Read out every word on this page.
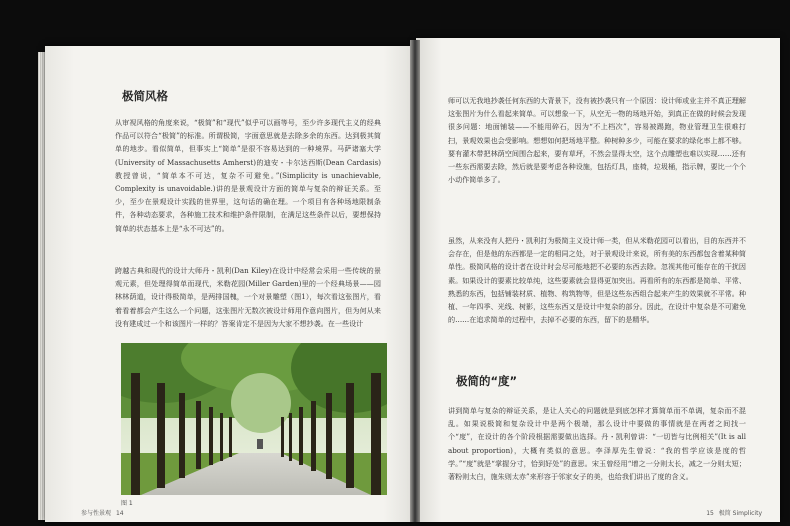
极简风格

从审视风格的角度来说，“极简”和“现代”似乎可以画等号，至少许多现代主义的经典作品可以符合“极简”的标准。所谓极简，字面意思就是去除多余的东西。达到极其简单的地步。看似简单，但事实上“简单”是很不容易达到的一种境界。马萨诸塞大学(University of Massachusetts Amherst)的迪安・卡尔达西斯(Dean Cardasis)教授曾说，“简单本不可达，复杂不可避免。”(Simplicity is unachievable, Complexity is unavoidable.)讲的是景观设计方面的简单与复杂的辩证关系。至少，至少在景观设计实践的世界里，这句话的确在理。一个项目有各种场地限制条件，各种动态要求，各种施工技术和维护条件限制，在满足这些条件以后，要想保持简单的状态基本上是“永不可达”的。

跨越古典和现代的设计大师丹・凯利(Dan Kiley)在设计中经常会采用一些传统的景观元素，但处理得简单而现代，米勒花园(Miller Garden)里的一个经典场景——园林林荫道，设计得极简单，是两排国槐，一个对景雕塑（图1），每次看这张图片，看着看着都会产生这么一个问题，这张图片无数次被设计师用作意向图片，但为何从来没有建成过一个和该图片一样的？答案肯定不是因为大家不想抄袭。在一些设计

图 1
参与性景观 14

师可以无我地抄袭任何东西的大背景下，没有被抄袭只有一个原因：设计师或业主并不真正理解这张图片为什么看起来简单。可以想象一下，从空无一物的场地开始，到真正在做的时候会发现很多问题：地面铺装——不能用碎石，因为“不上档次”，容易被踢跑，物业管理卫生很难打扫，景观效果也会受影响。想想如何把场地平整。种树种多少，可能在要求的绿化率上都不够。要有灌木带把林荫空间围合起来，要有草坪，不然会显得太空，这个点雕塑也难以实现……还有一些东西需要去除，然后就是要考虑各种设施，包括灯具，座椅，垃圾桶，指示牌，要比一个个小动作简单多了。

虽然，从来没有人把丹・凯利打为极简主义设计师一类，但从米勒花园可以看出，目的东西并不会存在，但是他的东西都是一定的相同之处，对于景观设计来说，所有美的东西都包含着某种简单性。极简风格的设计者在设计时会尽可能地把不必要的东西去除。忽视其他可能存在的干扰因素。如果设计的要素比较单纯，这些要素就会显得更加突出。再看所有的东西都是简单、平常、熟悉的东西，包括铺装材质、植物、构筑物等，但是这些东西组合起来产生的效果就不平常。种植、一年四季、光线、树影，这些东西又是设计中复杂的部分。因此，在设计中复杂是不可避免的……在追求简单的过程中，去掉不必要的东西，留下的是精华。

极简的“度”

讲到简单与复杂的辩证关系，是让人关心的问题就是到底怎样才算简单而不单调，复杂而不混乱。如果说极简和复杂设计中是两个极端，那么设计中要做的事情就是在两者之间找一个“度”，在设计的各个阶段根据需要做出选择。丹・凯利曾讲：“一切皆与比例相关”(It is all about proportion)，大概有类似的意思。李泽厚先生曾说：“我的哲学应该是度的哲学。”“度”就是“掌握分寸，恰到好处”的意思。宋玉曾经用“增之一分则太长，减之一分则太短；著粉则太白，施朱则太赤”来形容于邻家女子的美，也给我们讲出了度的含义。

15 极简 Simplicity
